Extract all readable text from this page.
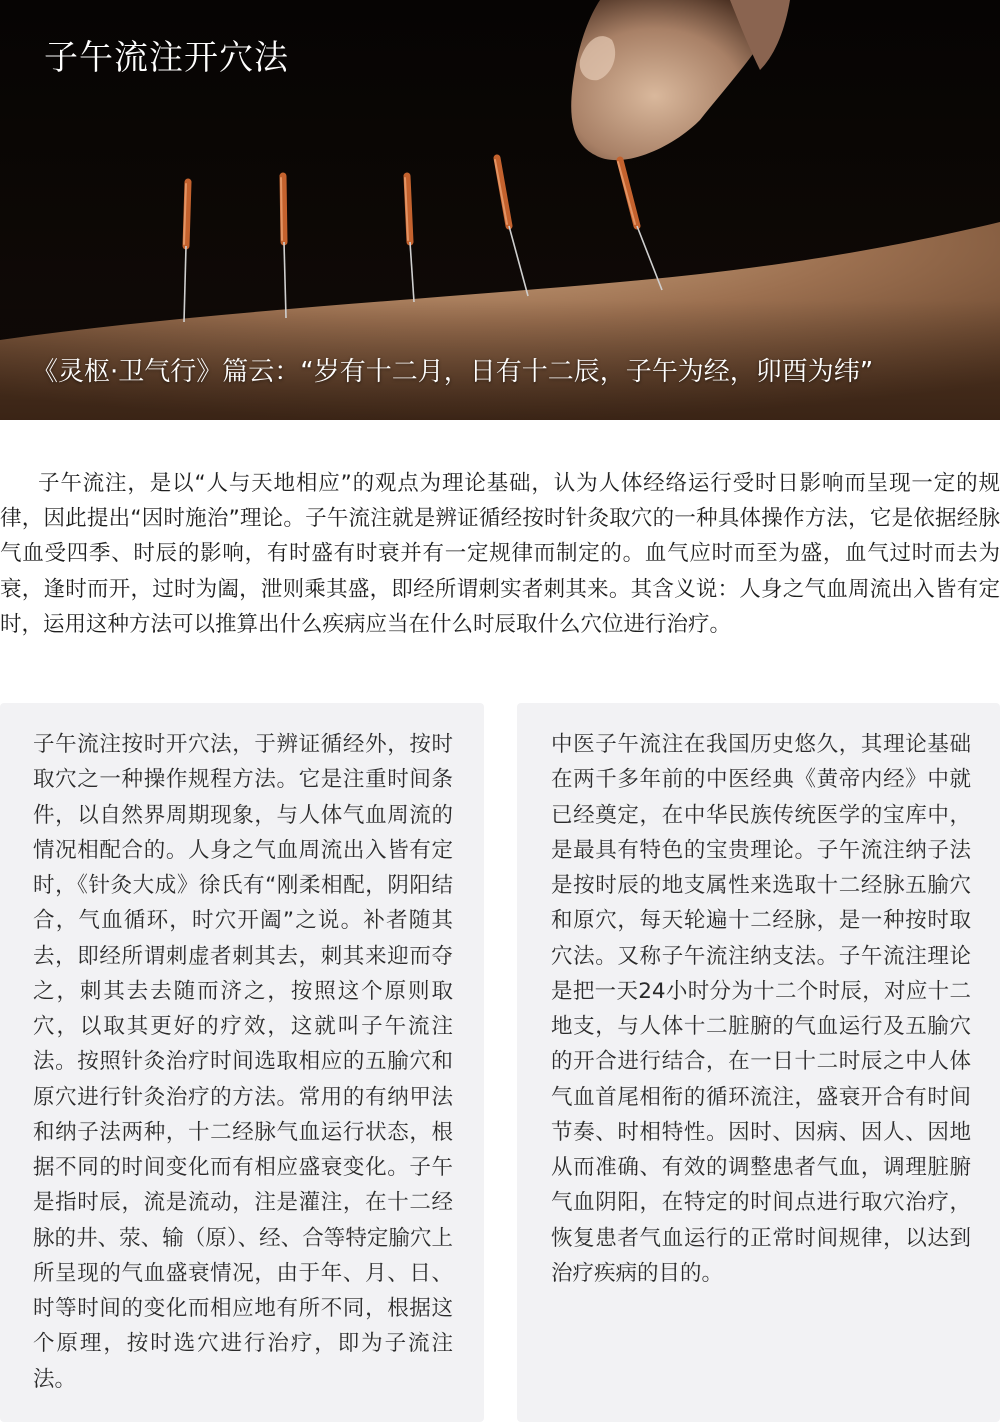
子午流注开穴法

《灵枢·卫气行》篇云：“岁有十二月，日有十二辰，子午为经，卯酉为纬”

子午流注，是以“人与天地相应”的观点为理论基础，认为人体经络运行受时日影响而呈现一定的规律，因此提出“因时施治”理论。子午流注就是辨证循经按时针灸取穴的一种具体操作方法，它是依据经脉气血受四季、时辰的影响，有时盛有时衰并有一定规律而制定的。血气应时而至为盛，血气过时而去为衰，逢时而开，过时为阖，泄则乘其盛，即经所谓刺实者刺其来。其含义说：人身之气血周流出入皆有定时，运用这种方法可以推算出什么疾病应当在什么时辰取什么穴位进行治疗。

子午流注按时开穴法，于辨证循经外，按时取穴之一种操作规程方法。它是注重时间条件，以自然界周期现象，与人体气血周流的情况相配合的。人身之气血周流出入皆有定时，《针灸大成》徐氏有“刚柔相配，阴阳结合，气血循环，时穴开阖”之说。补者随其去，即经所谓刺虚者刺其去，刺其来迎而夺之，刺其去去随而济之，按照这个原则取穴，以取其更好的疗效，这就叫子午流注法。按照针灸治疗时间选取相应的五腧穴和原穴进行针灸治疗的方法。常用的有纳甲法和纳子法两种，十二经脉气血运行状态，根据不同的时间变化而有相应盛衰变化。子午是指时辰，流是流动，注是灌注，在十二经脉的井、荥、输（原）、经、合等特定腧穴上所呈现的气血盛衰情况，由于年、月、日、时等时间的变化而相应地有所不同，根据这个原理，按时选穴进行治疗，即为子流注法。

中医子午流注在我国历史悠久，其理论基础在两千多年前的中医经典《黄帝内经》中就已经奠定，在中华民族传统医学的宝库中，是最具有特色的宝贵理论。子午流注纳子法是按时辰的地支属性来选取十二经脉五腧穴和原穴，每天轮遍十二经脉，是一种按时取穴法。又称子午流注纳支法。子午流注理论是把一天24小时分为十二个时辰，对应十二地支，与人体十二脏腑的气血运行及五腧穴的开合进行结合，在一日十二时辰之中人体气血首尾相衔的循环流注，盛衰开合有时间节奏、时相特性。因时、因病、因人、因地从而准确、有效的调整患者气血，调理脏腑气血阴阳，在特定的时间点进行取穴治疗，恢复患者气血运行的正常时间规律，以达到治疗疾病的目的。
